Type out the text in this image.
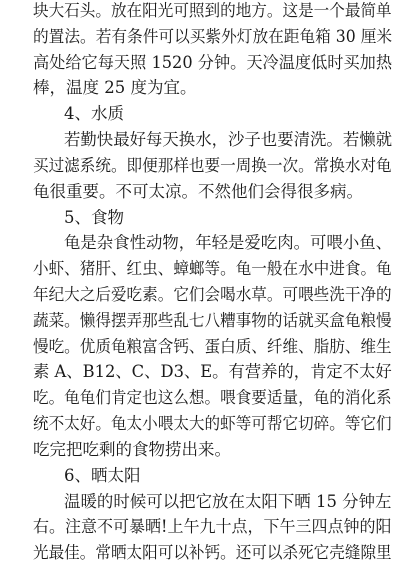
块大石头。放在阳光可照到的地方。这是一个最简单
的置法。若有条件可以买紫外灯放在距龟箱 30 厘米
高处给它每天照 1520 分钟。天冷温度低时买加热
棒，温度 25 度为宜。
4、水质
若勤快最好每天换水，沙子也要清洗。若懒就
买过滤系统。即便那样也要一周换一次。常换水对龟
龟很重要。不可太凉。不然他们会得很多病。
5、食物
龟是杂食性动物，年轻是爱吃肉。可喂小鱼、
小虾、猪肝、红虫、蟑螂等。龟一般在水中进食。龟
年纪大之后爱吃素。它们会喝水草。可喂些洗干净的
蔬菜。懒得摆弄那些乱七八糟事物的话就买盒龟粮慢
慢吃。优质龟粮富含钙、蛋白质、纤维、脂肪、维生
素 A、B12、C、D3、E。有营养的，肯定不太好
吃。龟龟们肯定也这么想。喂食要适量，龟的消化系
统不太好。龟太小喂太大的虾等可帮它切碎。等它们
吃完把吃剩的食物捞出来。
6、晒太阳
温暖的时候可以把它放在太阳下晒 15 分钟左
右。注意不可暴晒!上午九十点，下午三四点钟的阳
光最佳。常晒太阳可以补钙。还可以杀死它壳缝隙里
